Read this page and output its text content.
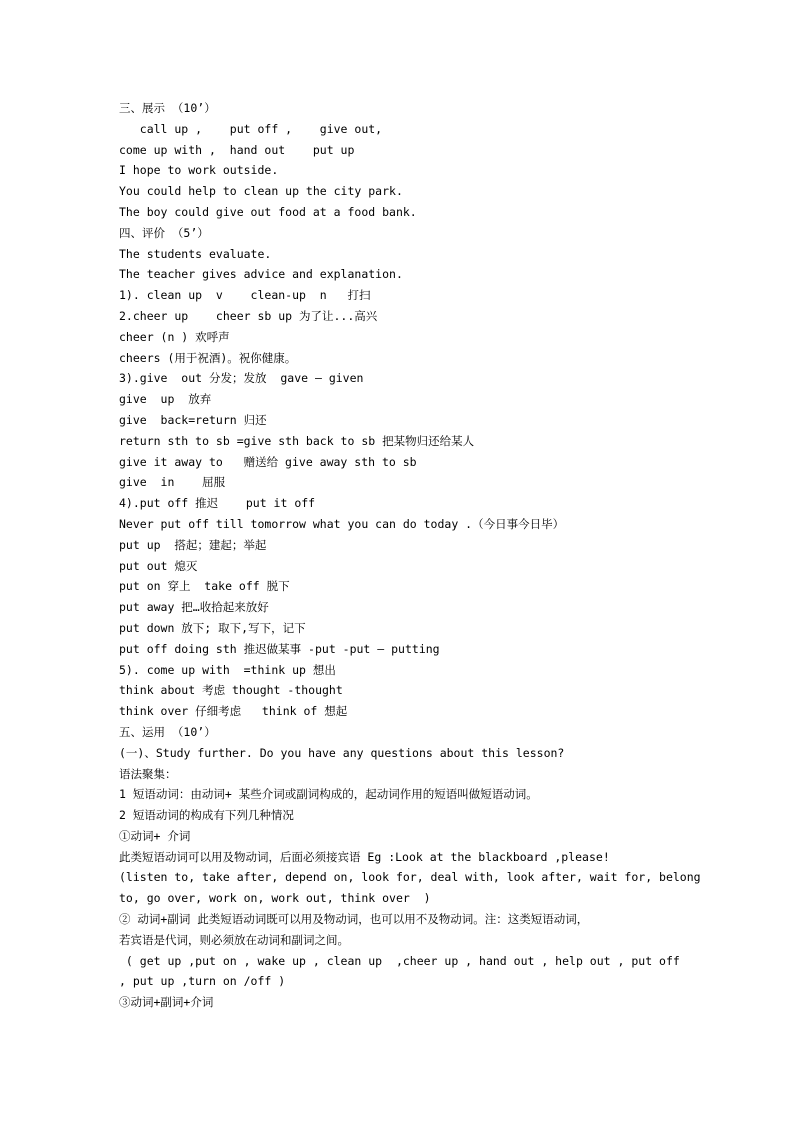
三、展示 （10’）
call up ,    put off ,    give out,
come up with ,  hand out    put up
I hope to work outside.
You could help to clean up the city park.
The boy could give out food at a food bank.
四、评价 （5’）
The students evaluate.
The teacher gives advice and explanation.
1). clean up  v    clean-up  n   打扫
2.cheer up    cheer sb up 为了让...高兴
cheer (n ) 欢呼声
cheers (用于祝酒)。祝你健康。
3).give  out 分发；发放  gave – given
give  up  放弃
give  back=return 归还
return sth to sb =give sth back to sb 把某物归还给某人
give it away to   赠送给 give away sth to sb
give  in    屈服
4).put off 推迟    put it off
Never put off till tomorrow what you can do today .（今日事今日毕）
put up  搭起；建起；举起
put out 熄灭
put on 穿上  take off 脱下
put away 把…收拾起来放好
put down 放下; 取下,写下，记下
put off doing sth 推迟做某事 -put -put – putting
5). come up with  =think up 想出
think about 考虑 thought -thought
think over 仔细考虑   think of 想起
五、运用 （10’）
(一)、Study further. Do you have any questions about this lesson?
语法聚集：
1 短语动词：由动词+ 某些介词或副词构成的，起动词作用的短语叫做短语动词。
2 短语动词的构成有下列几种情况
①动词+ 介词
此类短语动词可以用及物动词，后面必须接宾语 Eg :Look at the blackboard ,please!
(listen to, take after, depend on, look for, deal with, look after, wait for, belong
to, go over, work on, work out, think over  )
② 动词+副词 此类短语动词既可以用及物动词，也可以用不及物动词。注：这类短语动词，
若宾语是代词，则必须放在动词和副词之间。
( get up ,put on , wake up , clean up  ,cheer up , hand out , help out , put off
, put up ,turn on /off )
③动词+副词+介词
